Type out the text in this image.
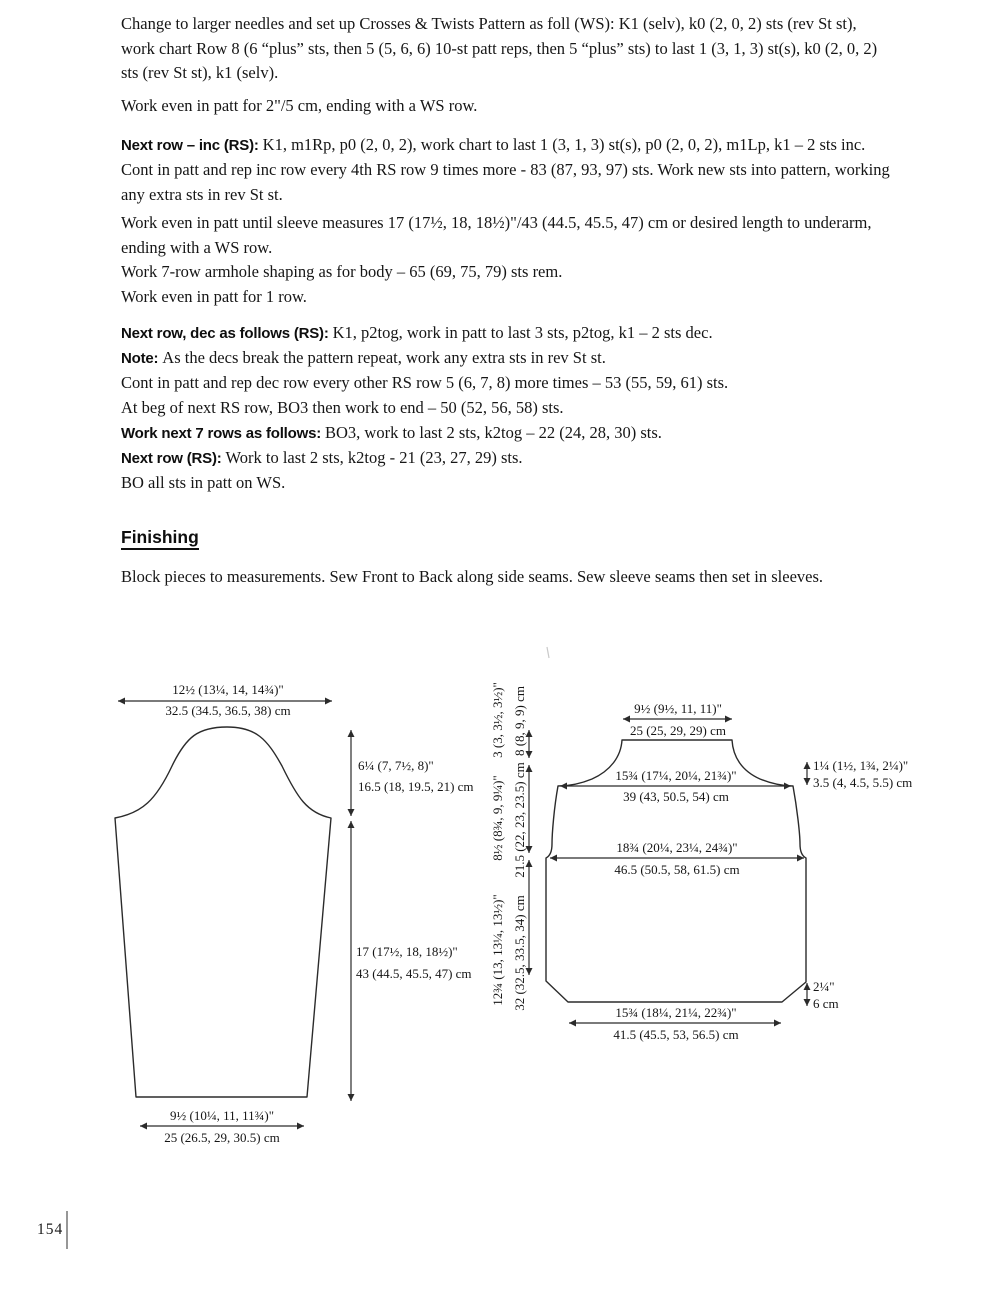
Change to larger needles and set up Crosses & Twists Pattern as foll (WS): K1 (selv), k0 (2, 0, 2) sts (rev St st), work chart Row 8 (6 “plus” sts, then 5 (5, 6, 6) 10-st patt reps, then 5 “plus” sts) to last 1 (3, 1, 3) st(s), k0 (2, 0, 2) sts (rev St st), k1 (selv).

Work even in patt for 2"/5 cm, ending with a WS row.

Next row – inc (RS): K1, m1Rp, p0 (2, 0, 2), work chart to last 1 (3, 1, 3) st(s), p0 (2, 0, 2), m1Lp, k1 – 2 sts inc.

Cont in patt and rep inc row every 4th RS row 9 times more - 83 (87, 93, 97) sts. Work new sts into pattern, working any extra sts in rev St st.

Work even in patt until sleeve measures 17 (17½, 18, 18½)"/43 (44.5, 45.5, 47) cm or desired length to underarm, ending with a WS row.

Work 7-row armhole shaping as for body – 65 (69, 75, 79) sts rem.

Work even in patt for 1 row.

Next row, dec as follows (RS): K1, p2tog, work in patt to last 3 sts, p2tog, k1 – 2 sts dec.

Note: As the decs break the pattern repeat, work any extra sts in rev St st.

Cont in patt and rep dec row every other RS row 5 (6, 7, 8) more times – 53 (55, 59, 61) sts.

At beg of next RS row, BO3 then work to end – 50 (52, 56, 58) sts.

Work next 7 rows as follows: BO3, work to last 2 sts, k2tog – 22 (24, 28, 30) sts.

Next row (RS): Work to last 2 sts, k2tog - 21 (23, 27, 29) sts.

BO all sts in patt on WS.

Finishing

Block pieces to measurements. Sew Front to Back along side seams. Sew sleeve seams then set in sleeves.

12½ (13¼, 14, 14¾)"
32.5 (34.5, 36.5, 38) cm
6¼ (7, 7½, 8)"
16.5 (18, 19.5, 21) cm
17 (17½, 18, 18½)"
43 (44.5, 45.5, 47) cm
9½ (10¼, 11, 11¾)"
25 (26.5, 29, 30.5) cm
3 (3, 3½, 3½)" 8 (8, 9, 9) cm
8½ (8¾, 9, 9¼)" 21.5 (22, 23, 23.5) cm
12¾ (13, 13¼, 13½)" 32 (32.5, 33.5, 34) cm
9½ (9½, 11, 11)"
25 (25, 29, 29) cm
15¾ (17¼, 20¼, 21¾)"
39 (43, 50.5, 54) cm
1¼ (1½, 1¾, 2¼)"
3.5 (4, 4.5, 5.5) cm
18¾ (20¼, 23¼, 24¾)"
46.5 (50.5, 58, 61.5) cm
2¼"
6 cm
15¾ (18¼, 21¼, 22¾)"
41.5 (45.5, 53, 56.5) cm
154
